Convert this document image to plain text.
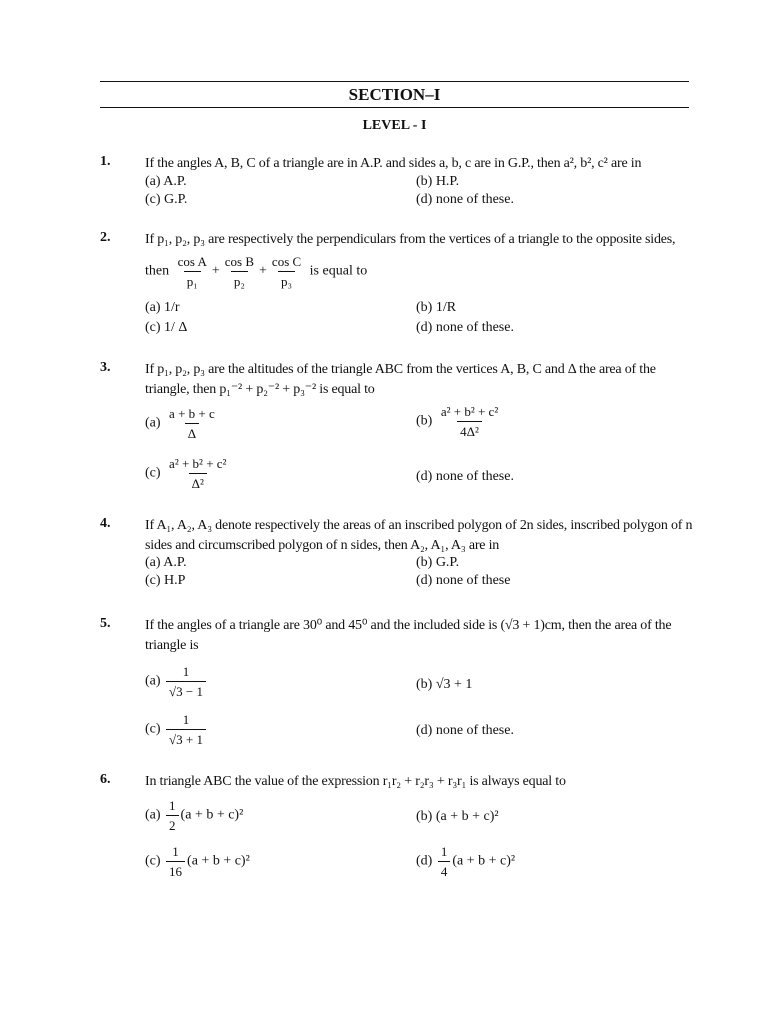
SECTION–I
LEVEL - I
1. If the angles A, B, C of a triangle are in A.P. and sides a, b, c are in G.P., then a², b², c² are in
(a) A.P.	(b) H.P.
(c) G.P.	(d) none of these.
2. If p₁, p₂, p₃ are respectively the perpendiculars from the vertices of a triangle to the opposite sides,
then $\frac{\text{cos A}}{\text{p₁}} + \frac{\text{cos B}}{\text{p₂}} + \frac{\text{cos C}}{\text{p₃}}$ is equal to
(a) 1/r	(b) 1/R
(c) 1/ Δ	(d) none of these.
3. If p₁, p₂, p₃ are the altitudes of the triangle ABC from the vertices A, B, C and Δ the area of the triangle, then p₁⁻² + p₂⁻² + p₃⁻² is equal to
$(a) \frac{a + b + c}{\Delta}$	$(b) \frac{\text{a² + b² + c²}}{\text{4Δ²}}$
$(c) \frac{\text{a² + b² + c²}}{\text{Δ²}}$	(d) none of these.
4. If A₁, A₂, A₃ denote respectively the areas of an inscribed polygon of 2n sides, inscribed polygon of n sides and circumscribed polygon of n sides, then A₂, A₁, A₃ are in
(a) A.P.	(b) G.P.
(c) H.P	(d) none of these
5. If the angles of a triangle are 30⁰ and 45⁰ and the included side is (√3 + 1)cm, then the area of the triangle is
$(a) \frac{1}{√3 - 1}$	(b) √3 + 1
$(c) \frac{1}{√3 + 1}$	(d) none of these.
6. In triangle ABC the value of the expression r₁r₂ + r₂r₃ + r₃r₁ is always equal to
$(a) \frac{1}{2} (a + b + c)^2$	(b) (a + b + c)²
$(c) \frac{1}{16} (a + b + c)^2$	$(d) \frac{1}{4} (a + b + c)^2$
